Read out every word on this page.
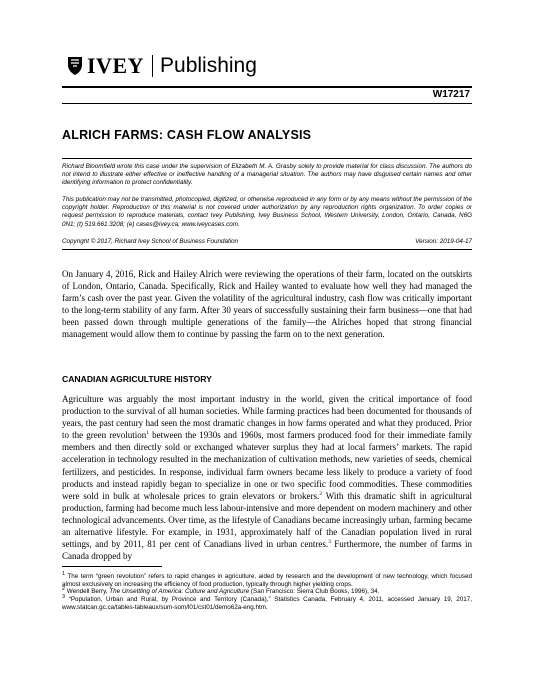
IVEY Publishing
W17217
ALRICH FARMS: CASH FLOW ANALYSIS
Richard Bloomfield wrote this case under the supervision of Elizabeth M. A. Grasby solely to provide material for class discussion. The authors do not intend to illustrate either effective or ineffective handling of a managerial situation. The authors may have disguised certain names and other identifying information to protect confidentiality.
This publication may not be transmitted, photocopied, digitized, or otherwise reproduced in any form or by any means without the permission of the copyright holder. Reproduction of this material is not covered under authorization by any reproduction rights organization. To order copies or request permission to reproduce materials, contact Ivey Publishing, Ivey Business School, Western University, London, Ontario, Canada, N6G 0N1; (t) 519.661.3208; (e) cases@ivey.ca; www.iveycases.com.
Copyright © 2017, Richard Ivey School of Business Foundation	Version: 2019-04-17

On January 4, 2016, Rick and Hailey Alrich were reviewing the operations of their farm, located on the outskirts of London, Ontario, Canada. Specifically, Rick and Hailey wanted to evaluate how well they had managed the farm’s cash over the past year. Given the volatility of the agricultural industry, cash flow was critically important to the long-term stability of any farm. After 30 years of successfully sustaining their farm business—one that had been passed down through multiple generations of the family—the Alriches hoped that strong financial management would allow them to continue by passing the farm on to the next generation.

CANADIAN AGRICULTURE HISTORY

Agriculture was arguably the most important industry in the world, given the critical importance of food production to the survival of all human societies. While farming practices had been documented for thousands of years, the past century had seen the most dramatic changes in how farms operated and what they produced. Prior to the green revolution$^1$ between the 1930s and 1960s, most farmers produced food for their immediate family members and then directly sold or exchanged whatever surplus they had at local farmers’ markets. The rapid acceleration in technology resulted in the mechanization of cultivation methods, new varieties of seeds, chemical fertilizers, and pesticides. In response, individual farm owners became less likely to produce a variety of food products and instead rapidly began to specialize in one or two specific food commodities. These commodities were sold in bulk at wholesale prices to grain elevators or brokers.$^2$ With this dramatic shift in agricultural production, farming had become much less labour-intensive and more dependent on modern machinery and other technological advancements. Over time, as the lifestyle of Canadians became increasingly urban, farming became an alternative lifestyle. For example, in 1931, approximately half of the Canadian population lived in rural settings, and by 2011, 81 per cent of Canadians lived in urban centres.$^3$ Furthermore, the number of farms in Canada dropped by

$^1$ The term “green revolution” refers to rapid changes in agriculture, aided by research and the development of new technology, which focused almost exclusively on increasing the efficiency of food production, typically through higher yielding crops.

$^2$ Wendell Berry, The Unsettling of America: Culture and Agriculture (San Francisco: Sierra Club Books, 1996), 34.

$^3$ “Population, Urban and Rural, by Province and Territory (Canada),” Statistics Canada, February 4, 2011, accessed January 19, 2017, www.statcan.gc.ca/tables-tableaux/sum-som/l01/cst01/demo62a-eng.htm.
